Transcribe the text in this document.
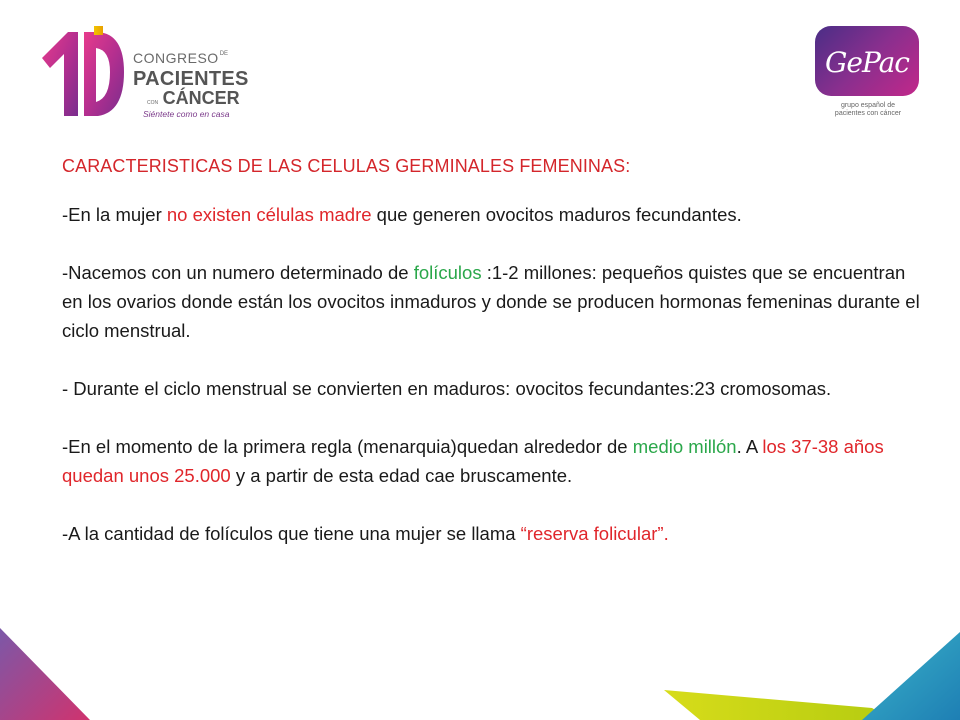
$CONGRESO^{DE}$
PACIENTES
CON CÁNCER
Siéntete como en casa
GePac
grupo español de
pacientes con cáncer

CARACTERISTICAS DE LAS CELULAS GERMINALES FEMENINAS:

-En la mujer no existen células madre que generen ovocitos maduros fecundantes.

-Nacemos con un numero determinado de folículos :1-2 millones: pequeños quistes que se encuentran en los ovarios donde están los ovocitos inmaduros y donde se producen hormonas femeninas durante el ciclo menstrual.

- Durante el ciclo menstrual se convierten en maduros: ovocitos fecundantes:23 cromosomas.

-En el momento de la primera regla (menarquia)quedan alrededor de medio millón. A los 37-38 años quedan unos 25.000 y a partir de esta edad cae bruscamente.

-A la cantidad de folículos que tiene una mujer se llama “reserva folicular”.
